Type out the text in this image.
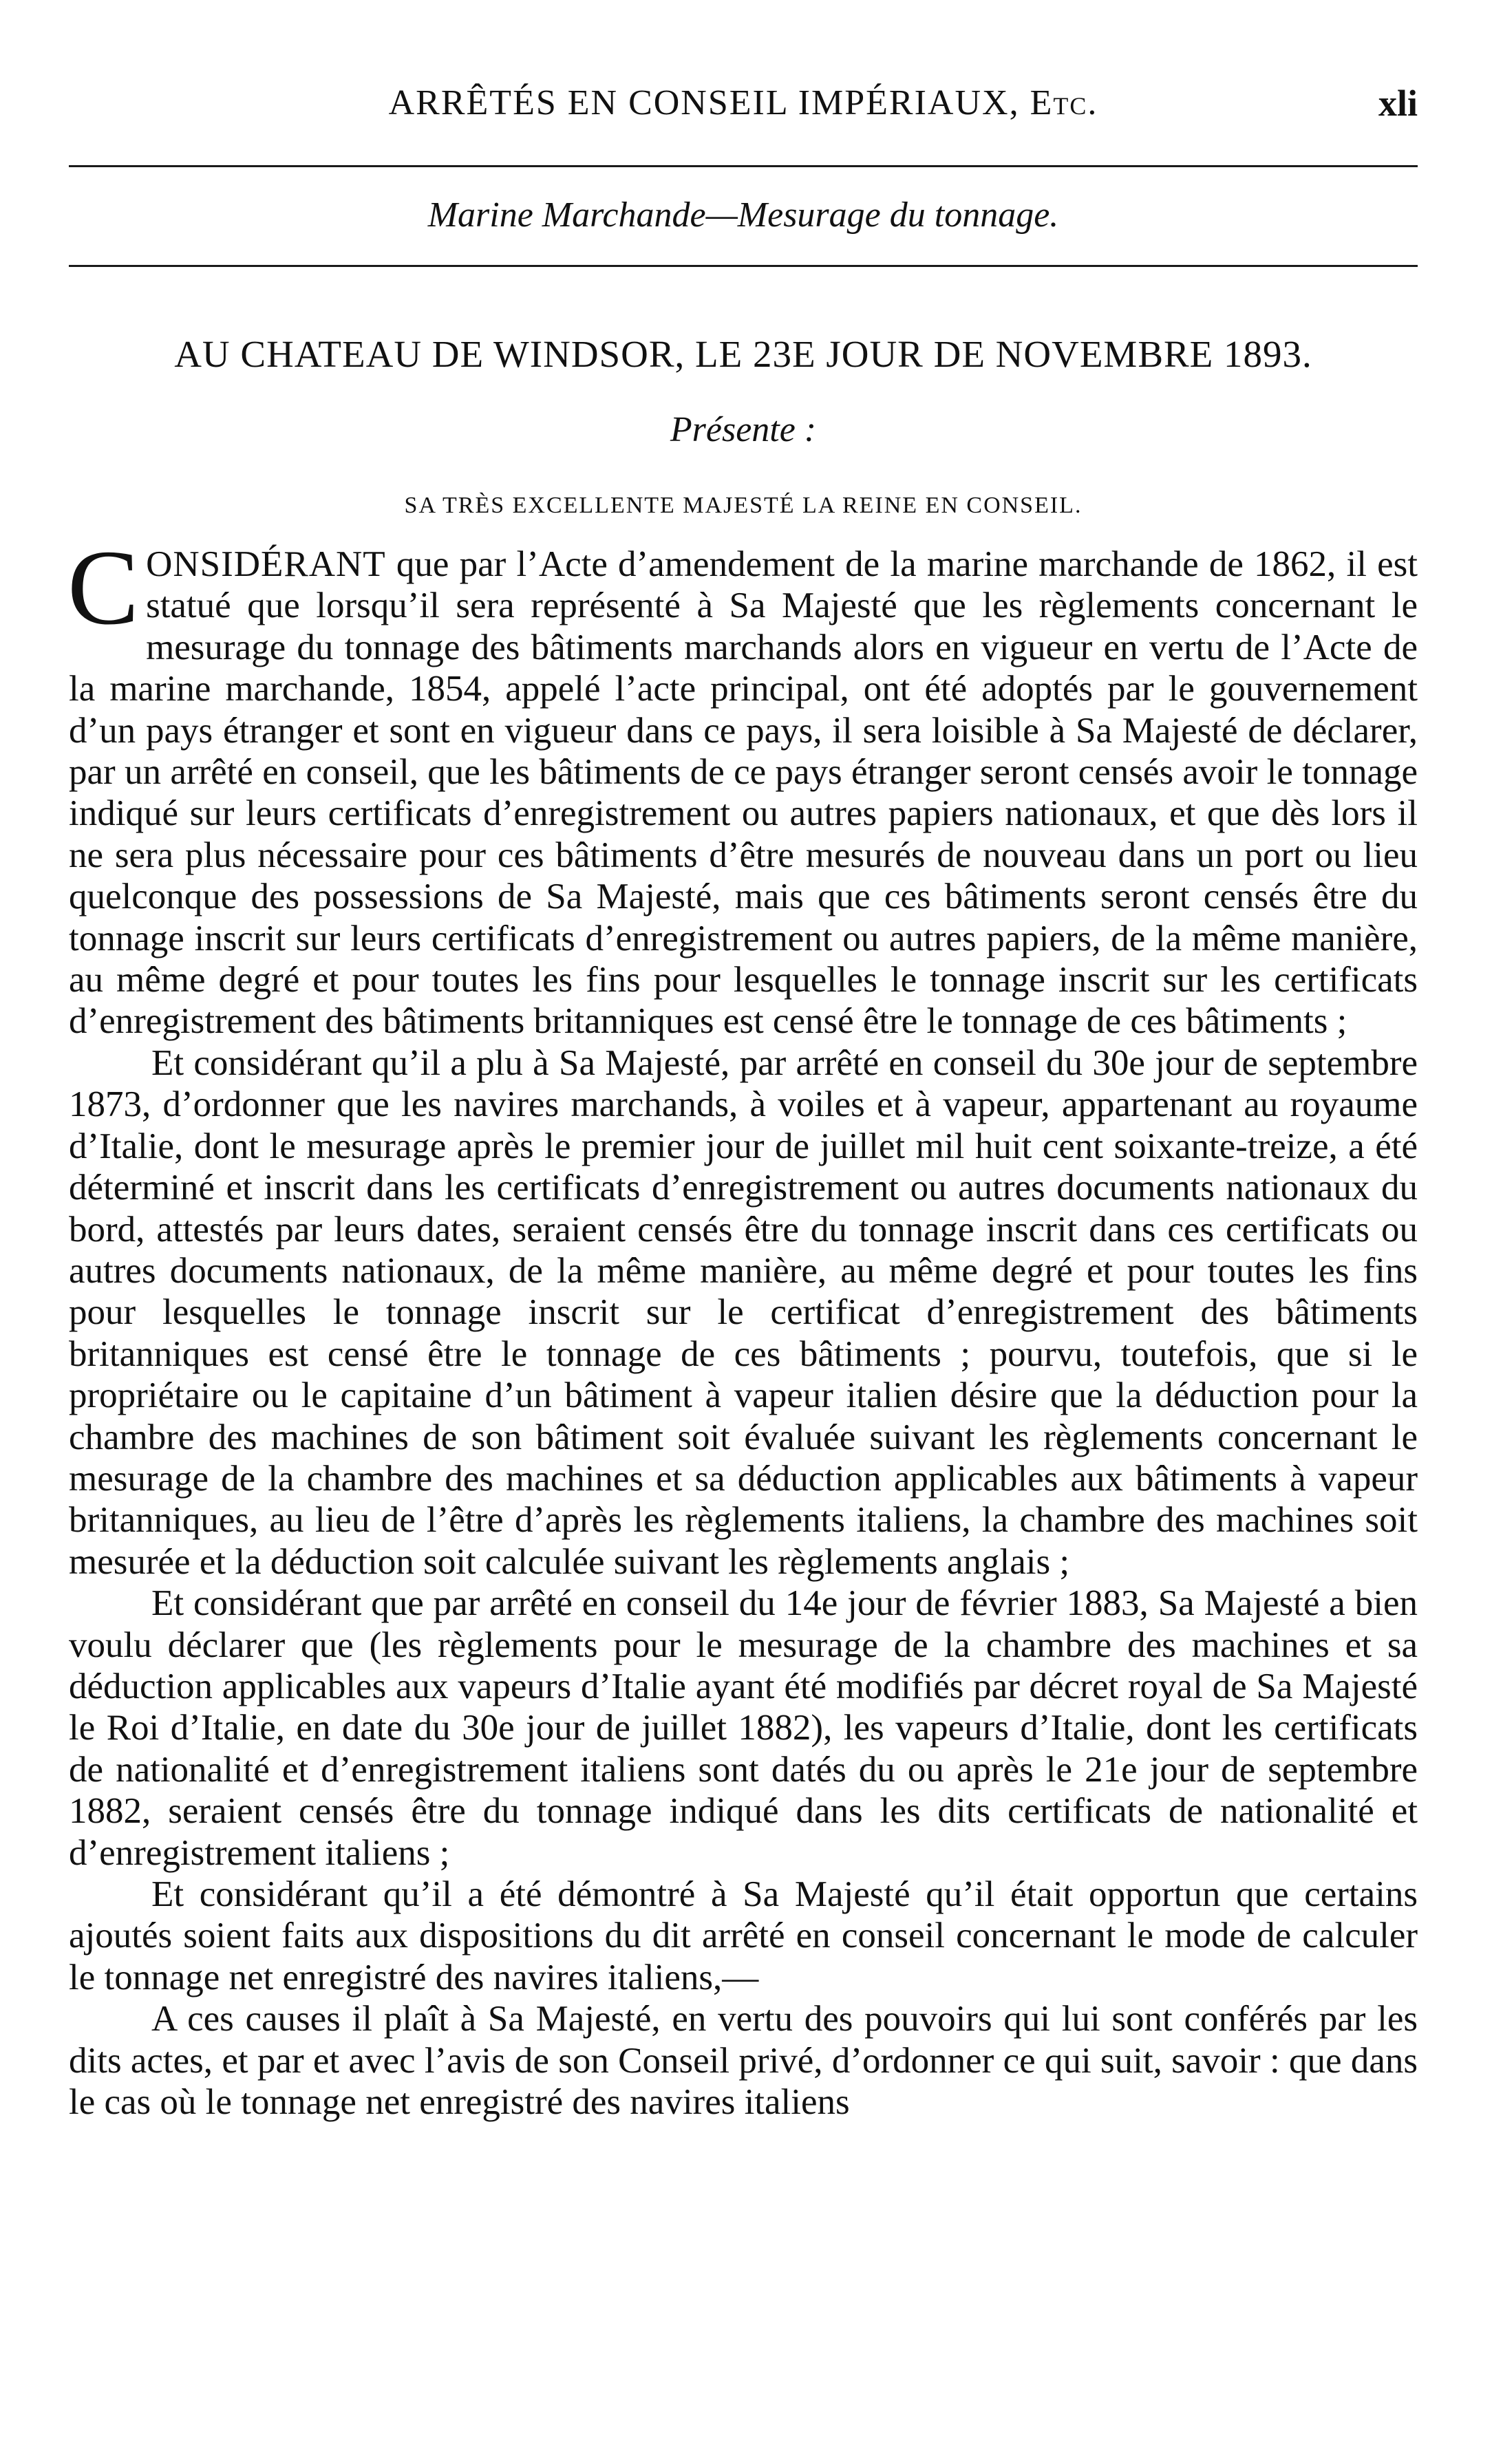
ARRÊTÉS EN CONSEIL IMPÉRIAUX, Etc.	xli
Marine Marchande—Mesurage du tonnage.
AU CHATEAU DE WINDSOR, LE 23E JOUR DE NOVEMBRE 1893.
Présente :
SA TRÈS EXCELLENTE MAJESTÉ LA REINE EN CONSEIL.

CONSIDÉRANT que par l’Acte d’amendement de la marine marchande de 1862, il est statué que lorsqu’il sera représenté à Sa Majesté que les règlements concernant le mesurage du tonnage des bâtiments marchands alors en vigueur en vertu de l’Acte de la marine marchande, 1854, appelé l’acte principal, ont été adoptés par le gouvernement d’un pays étranger et sont en vigueur dans ce pays, il sera loisible à Sa Majesté de déclarer, par un arrêté en conseil, que les bâtiments de ce pays étranger seront censés avoir le tonnage indiqué sur leurs certificats d’enregistrement ou autres papiers nationaux, et que dès lors il ne sera plus nécessaire pour ces bâtiments d’être mesurés de nouveau dans un port ou lieu quelconque des possessions de Sa Majesté, mais que ces bâtiments seront censés être du tonnage inscrit sur leurs certificats d’enregistrement ou autres papiers, de la même manière, au même degré et pour toutes les fins pour lesquelles le tonnage inscrit sur les certificats d’enregistrement des bâtiments britanniques est censé être le tonnage de ces bâtiments ;

Et considérant qu’il a plu à Sa Majesté, par arrêté en conseil du 30e jour de septembre 1873, d’ordonner que les navires marchands, à voiles et à vapeur, appartenant au royaume d’Italie, dont le mesurage après le premier jour de juillet mil huit cent soixante-treize, a été déterminé et inscrit dans les certificats d’enregistrement ou autres documents nationaux du bord, attestés par leurs dates, seraient censés être du tonnage inscrit dans ces certificats ou autres documents nationaux, de la même manière, au même degré et pour toutes les fins pour lesquelles le tonnage inscrit sur le certificat d’enregistrement des bâtiments britanniques est censé être le tonnage de ces bâtiments ; pourvu, toutefois, que si le propriétaire ou le capitaine d’un bâtiment à vapeur italien désire que la déduction pour la chambre des machines de son bâtiment soit évaluée suivant les règlements concernant le mesurage de la chambre des machines et sa déduction applicables aux bâtiments à vapeur britanniques, au lieu de l’être d’après les règlements italiens, la chambre des machines soit mesurée et la déduction soit calculée suivant les règlements anglais ;

Et considérant que par arrêté en conseil du 14e jour de février 1883, Sa Majesté a bien voulu déclarer que (les règlements pour le mesurage de la chambre des machines et sa déduction applicables aux vapeurs d’Italie ayant été modifiés par décret royal de Sa Majesté le Roi d’Italie, en date du 30e jour de juillet 1882), les vapeurs d’Italie, dont les certificats de nationalité et d’enregistrement italiens sont datés du ou après le 21e jour de septembre 1882, seraient censés être du tonnage indiqué dans les dits certificats de nationalité et d’enregistrement italiens ;

Et considérant qu’il a été démontré à Sa Majesté qu’il était opportun que certains ajoutés soient faits aux dispositions du dit arrêté en conseil concernant le mode de calculer le tonnage net enregistré des navires italiens,—

A ces causes il plaît à Sa Majesté, en vertu des pouvoirs qui lui sont conférés par les dits actes, et par et avec l’avis de son Conseil privé, d’ordonner ce qui suit, savoir : que dans le cas où le tonnage net enregistré des navires italiens
